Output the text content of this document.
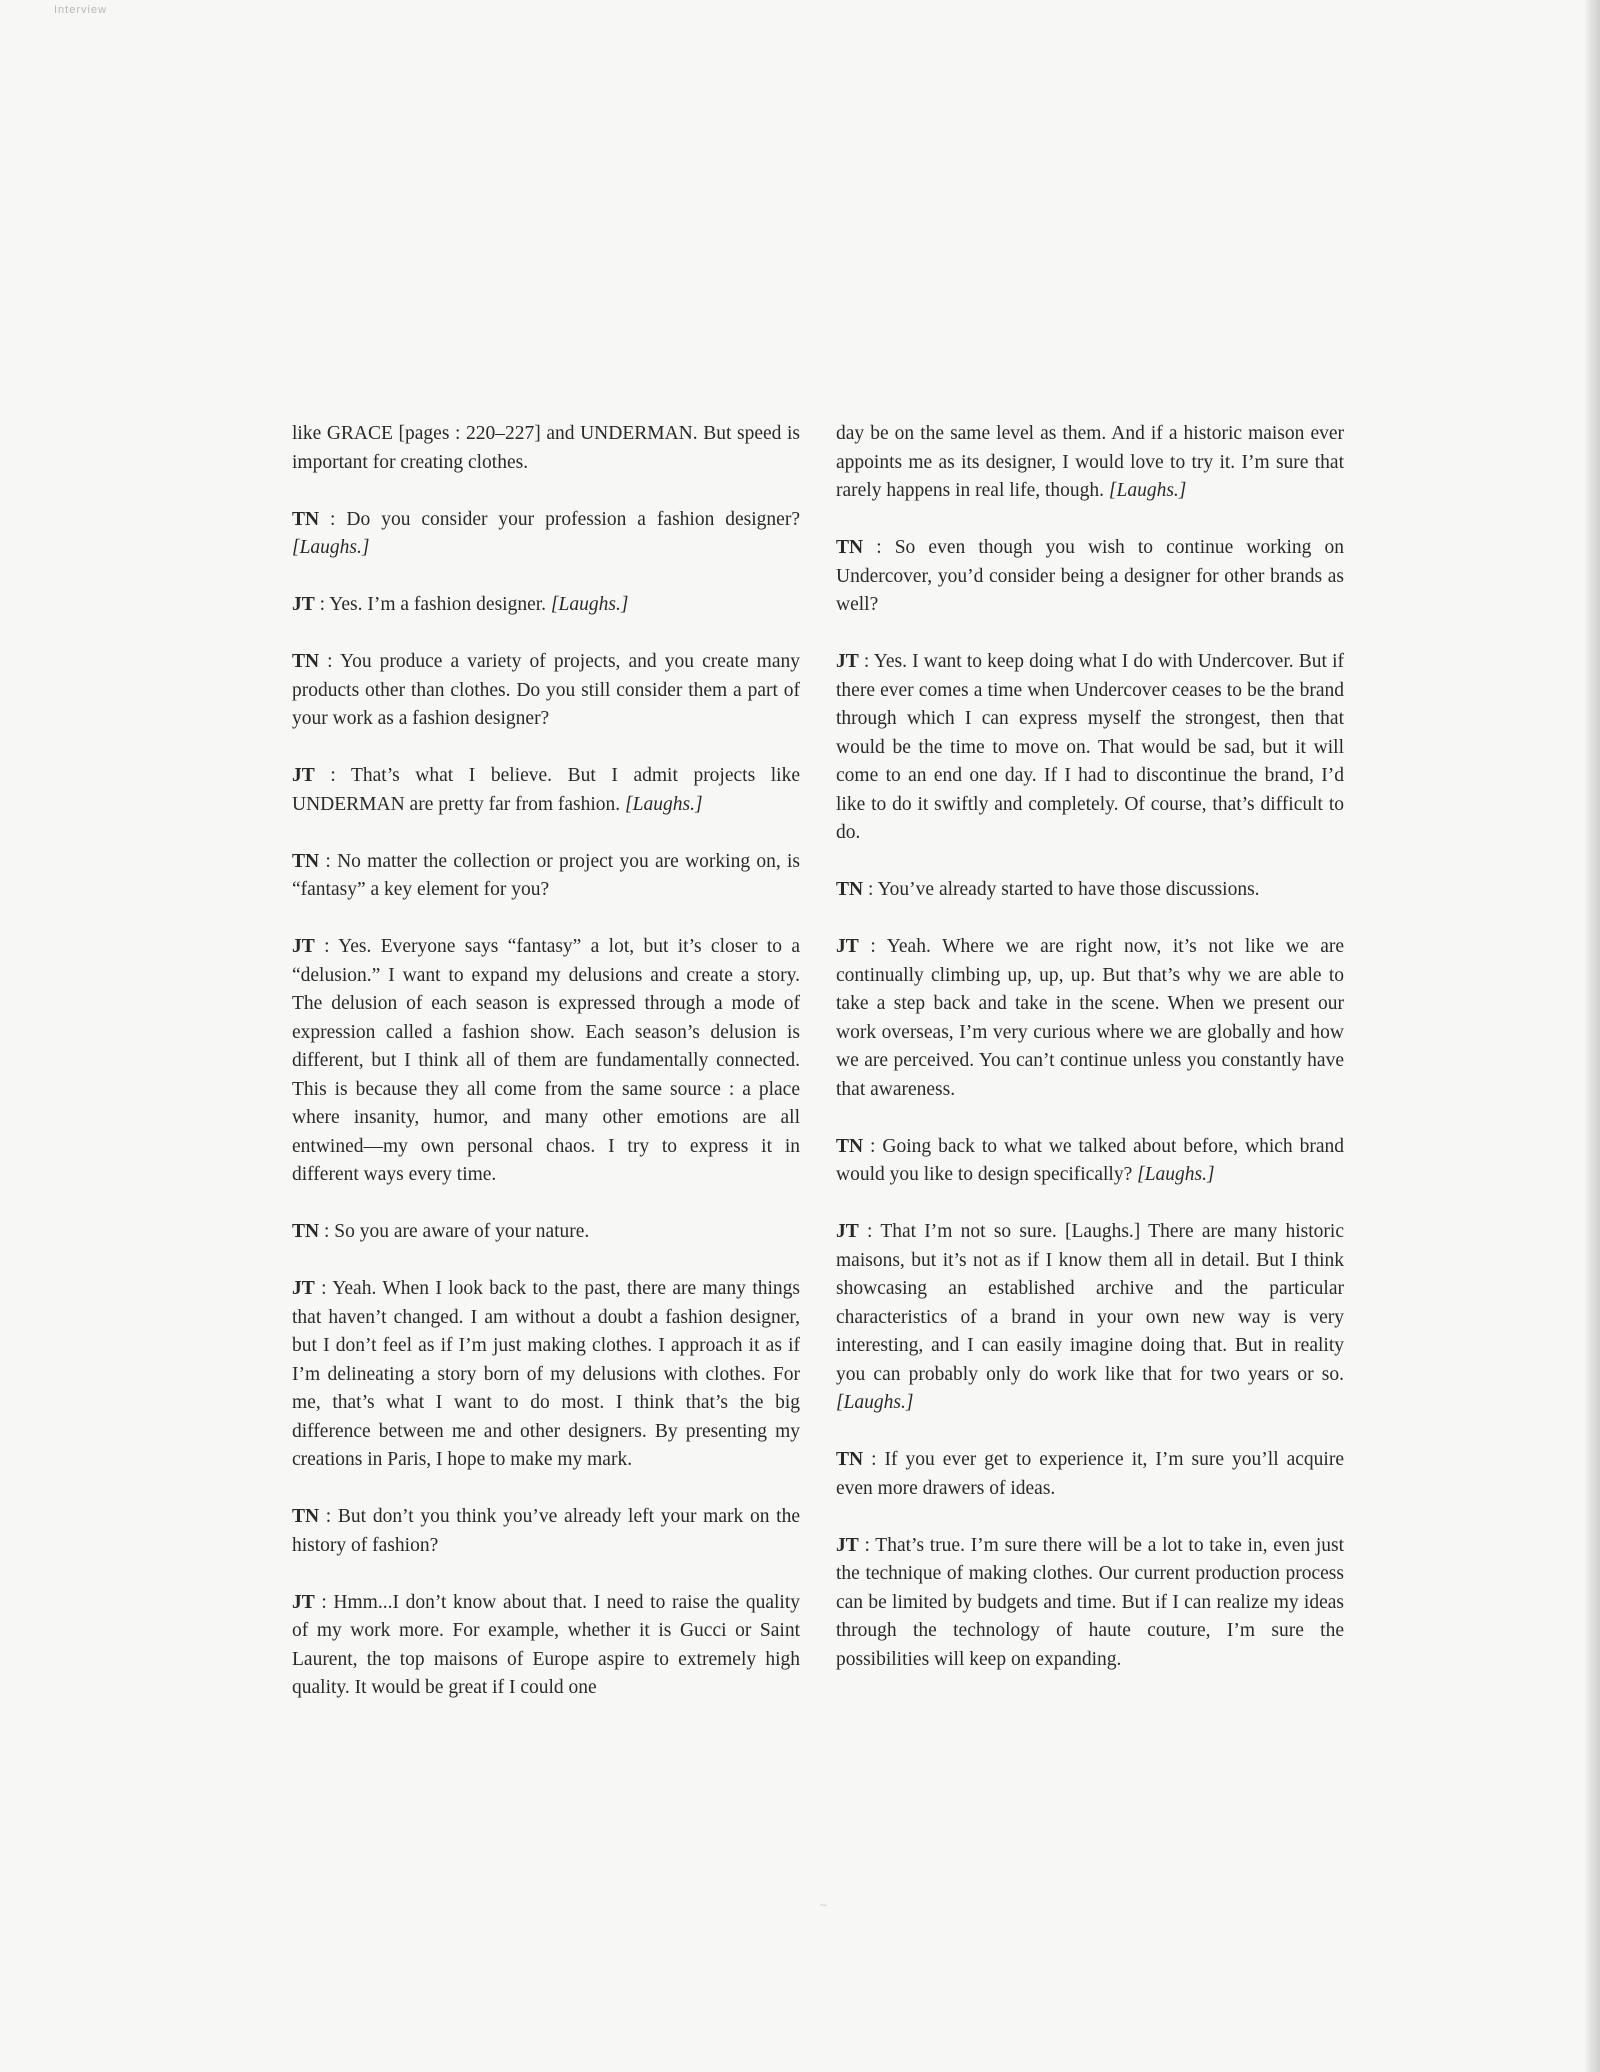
Interview

like GRACE [pages : 220–227] and UNDERMAN. But speed is important for creating clothes.

TN : Do you consider your profession a fashion designer? [Laughs.]

JT : Yes. I’m a fashion designer. [Laughs.]

TN : You produce a variety of projects, and you create many products other than clothes. Do you still consider them a part of your work as a fashion designer?

JT : That’s what I believe. But I admit projects like UNDERMAN are pretty far from fashion. [Laughs.]

TN : No matter the collection or project you are working on, is “fantasy” a key element for you?

JT : Yes. Everyone says “fantasy” a lot, but it’s closer to a “delusion.” I want to expand my delusions and create a story. The delusion of each season is expressed through a mode of expression called a fashion show. Each season’s delusion is different, but I think all of them are fundamentally connected. This is because they all come from the same source : a place where insanity, humor, and many other emotions are all entwined—my own personal chaos. I try to express it in different ways every time.

TN : So you are aware of your nature.

JT : Yeah. When I look back to the past, there are many things that haven’t changed. I am without a doubt a fashion designer, but I don’t feel as if I’m just making clothes. I approach it as if I’m delineating a story born of my delusions with clothes. For me, that’s what I want to do most. I think that’s the big difference between me and other designers. By presenting my creations in Paris, I hope to make my mark.

TN : But don’t you think you’ve already left your mark on the history of fashion?

JT : Hmm...I don’t know about that. I need to raise the quality of my work more. For example, whether it is Gucci or Saint Laurent, the top maisons of Europe aspire to extremely high quality. It would be great if I could one

day be on the same level as them. And if a historic maison ever appoints me as its designer, I would love to try it. I’m sure that rarely happens in real life, though. [Laughs.]

TN : So even though you wish to continue working on Undercover, you’d consider being a designer for other brands as well?

JT : Yes. I want to keep doing what I do with Undercover. But if there ever comes a time when Undercover ceases to be the brand through which I can express myself the strongest, then that would be the time to move on. That would be sad, but it will come to an end one day. If I had to discontinue the brand, I’d like to do it swiftly and completely. Of course, that’s difficult to do.

TN : You’ve already started to have those discussions.

JT : Yeah. Where we are right now, it’s not like we are continually climbing up, up, up. But that’s why we are able to take a step back and take in the scene. When we present our work overseas, I’m very curious where we are globally and how we are perceived. You can’t continue unless you constantly have that awareness.

TN : Going back to what we talked about before, which brand would you like to design specifically? [Laughs.]

JT : That I’m not so sure. [Laughs.] There are many historic maisons, but it’s not as if I know them all in detail. But I think showcasing an established archive and the particular characteristics of a brand in your own new way is very interesting, and I can easily imagine doing that. But in reality you can probably only do work like that for two years or so. [Laughs.]

TN : If you ever get to experience it, I’m sure you’ll acquire even more drawers of ideas.

JT : That’s true. I’m sure there will be a lot to take in, even just the technique of making clothes. Our current production process can be limited by budgets and time. But if I can realize my ideas through the technology of haute couture, I’m sure the possibilities will keep on expanding.

~
